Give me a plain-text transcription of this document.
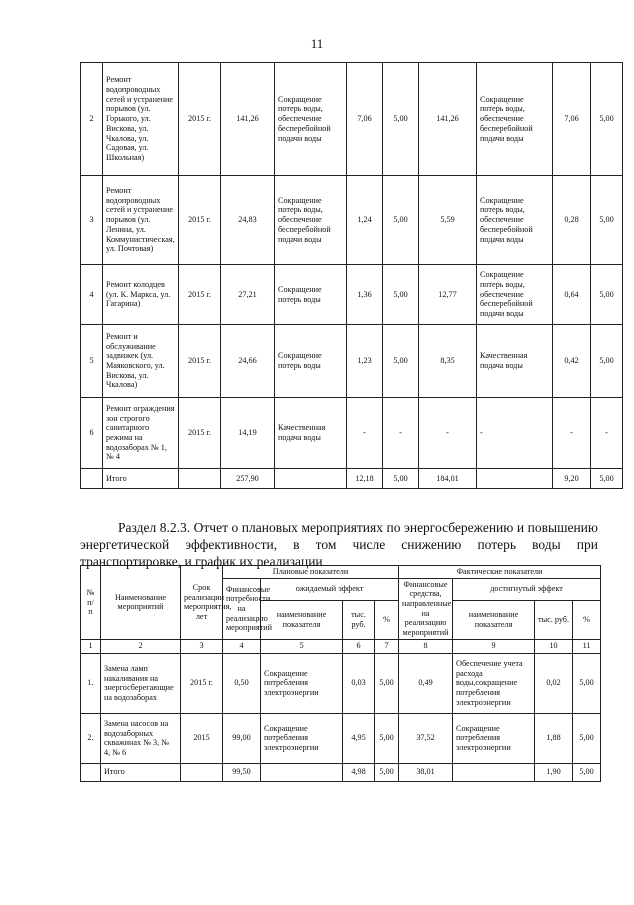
11
2	Ремонт водопроводных сетей и устранение порывов (ул. Горького, ул. Вискова, ул. Чкалова, ул. Садовая, ул. Школьная)	2015 г.	141,26	Сокращение потерь воды, обеспечение бесперебойной подачи воды	7,06	5,00	141,26	Сокращение потерь воды, обеспечение бесперебойной подачи воды	7,06	5,00
3	Ремонт водопроводных сетей и устранение порывов (ул. Ленина, ул. Коммунистическая, ул. Почтовая)	2015 г.	24,83	Сокращение потерь воды, обеспечение бесперебойной подачи воды	1,24	5,00	5,59	Сокращение потерь воды, обеспечение бесперебойной подачи воды	0,28	5,00
4	Ремонт колодцев (ул. К. Маркса, ул. Гагарина)	2015 г.	27,21	Сокращение потерь воды	1,36	5,00	12,77	Сокращение потерь воды, обеспечение бесперебойной подачи воды	0,64	5,00
5	Ремонт и обслуживание задвижек (ул. Маяковского, ул. Вискова, ул. Чкалова)	2015 г.	24,66	Сокращение потерь воды	1,23	5,00	8,35	Качественная подача воды	0,42	5,00
6	Ремонт ограждения зон строгого санитарного режима на водозаборах № 1, № 4	2015 г.	14,19	Качественная подача воды	-	-	-	-	-	-
	Итого		257,90		12,18	5,00	184,01		9,20	5,00
Раздел 8.2.3. Отчет о плановых мероприятиях по энергосбережению и повышению энергетической эффективности, в том числе снижению потерь воды при транспортировке, и график их реализации
№ п/ п	Наименование мероприятий	Срок реализации мероприятия, лет	Плановые показатели				Фактические показатели			
			Финансовые потребности на реализацию мероприятий	ожидаемый эффект			Финансовые средства, направленные на реализацию мероприятий	достигнутый эффект		
				наименование показателя	тыс. руб.	%		наименование показателя	тыс. руб.	%
1	2	3	4	5	6	7	8	9	10	11
1.	Замена ламп накаливания на энергосберегающие на водозаборах	2015 г.	0,50	Сокращение потребления электроэнергии	0,03	5,00	0,49	Обеспечение учета расхода воды,сокращение потребления электроэнергии	0,02	5,00
2.	Замена насосов на водозаборных скважинах № 3, № 4, № 6	2015	99,00	Сокращение потребления электроэнергии	4,95	5,00	37,52	Сокращение потребления электроэнергии	1,88	5,00
	Итого		99,50		4,98	5,00	38,01		1,90	5,00
